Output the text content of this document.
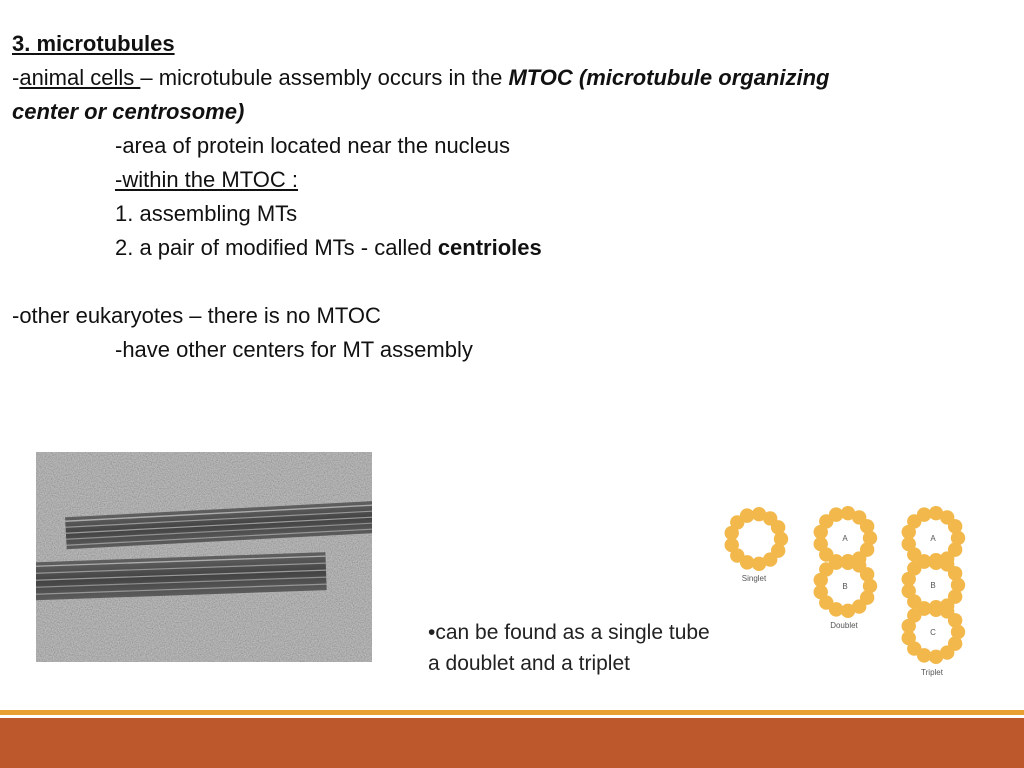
3. microtubules
-animal cells – microtubule assembly occurs in the MTOC (microtubule organizing
center or centrosome)
-area of protein located near the nucleus
-within the MTOC :
1. assembling MTs
2. a pair of modified MTs - called centrioles
-other eukaryotes – there is no MTOC
-have other centers for MT assembly
•can be found as a single tube
a doublet and a triplet
Singlet
A
B
Doublet
A
B
C
Triplet
